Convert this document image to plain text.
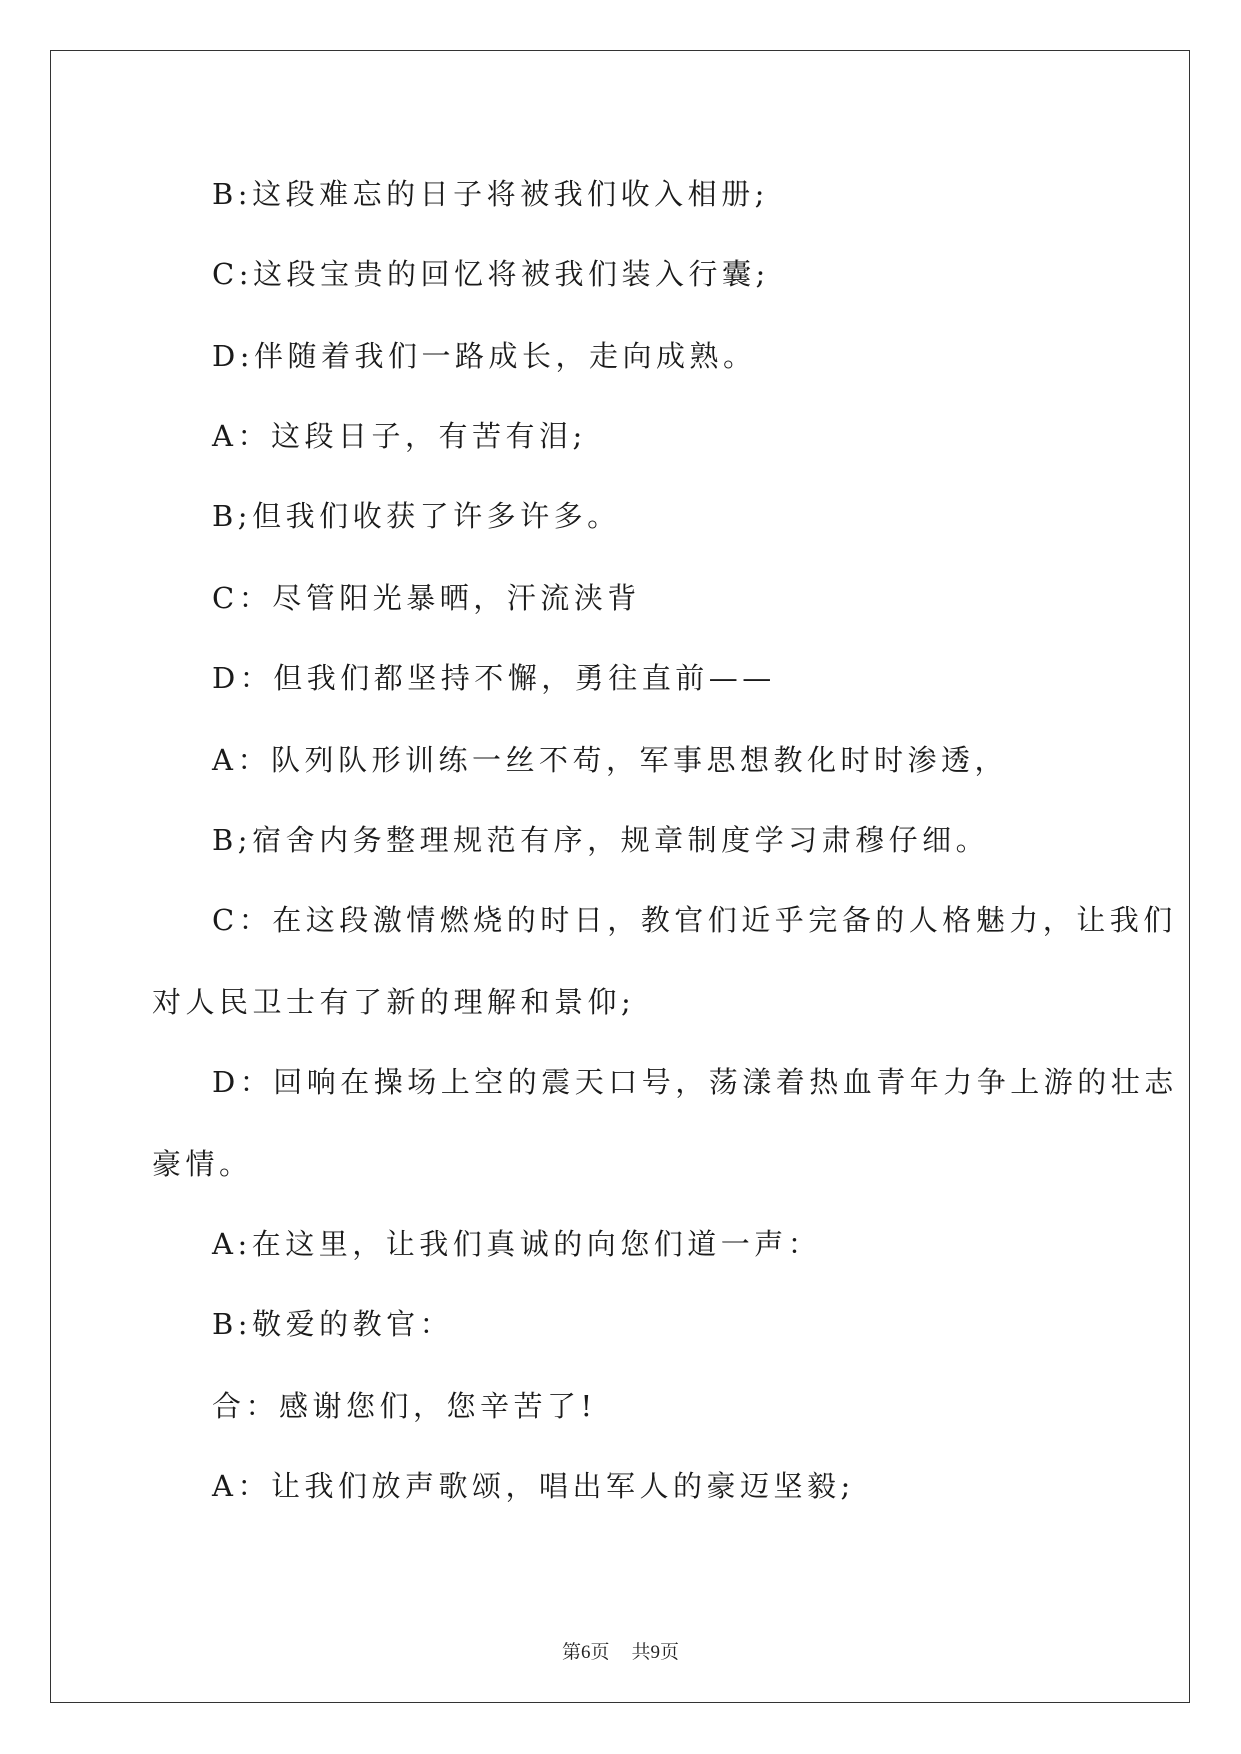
B:这段难忘的日子将被我们收入相册;
C:这段宝贵的回忆将被我们装入行囊;
D:伴随着我们一路成长，走向成熟。
A：这段日子，有苦有泪;
B;但我们收获了许多许多。
C：尽管阳光暴晒，汗流浃背
D：但我们都坚持不懈，勇往直前——
A：队列队形训练一丝不苟，军事思想教化时时渗透，
B;宿舍内务整理规范有序，规章制度学习肃穆仔细。
C：在这段激情燃烧的时日，教官们近乎完备的人格魅力，让我们
对人民卫士有了新的理解和景仰;
D：回响在操场上空的震天口号，荡漾着热血青年力争上游的壮志
豪情。
A:在这里，让我们真诚的向您们道一声：
B:敬爱的教官：
合：感谢您们，您辛苦了!
A：让我们放声歌颂，唱出军人的豪迈坚毅;
第6页 共9页
